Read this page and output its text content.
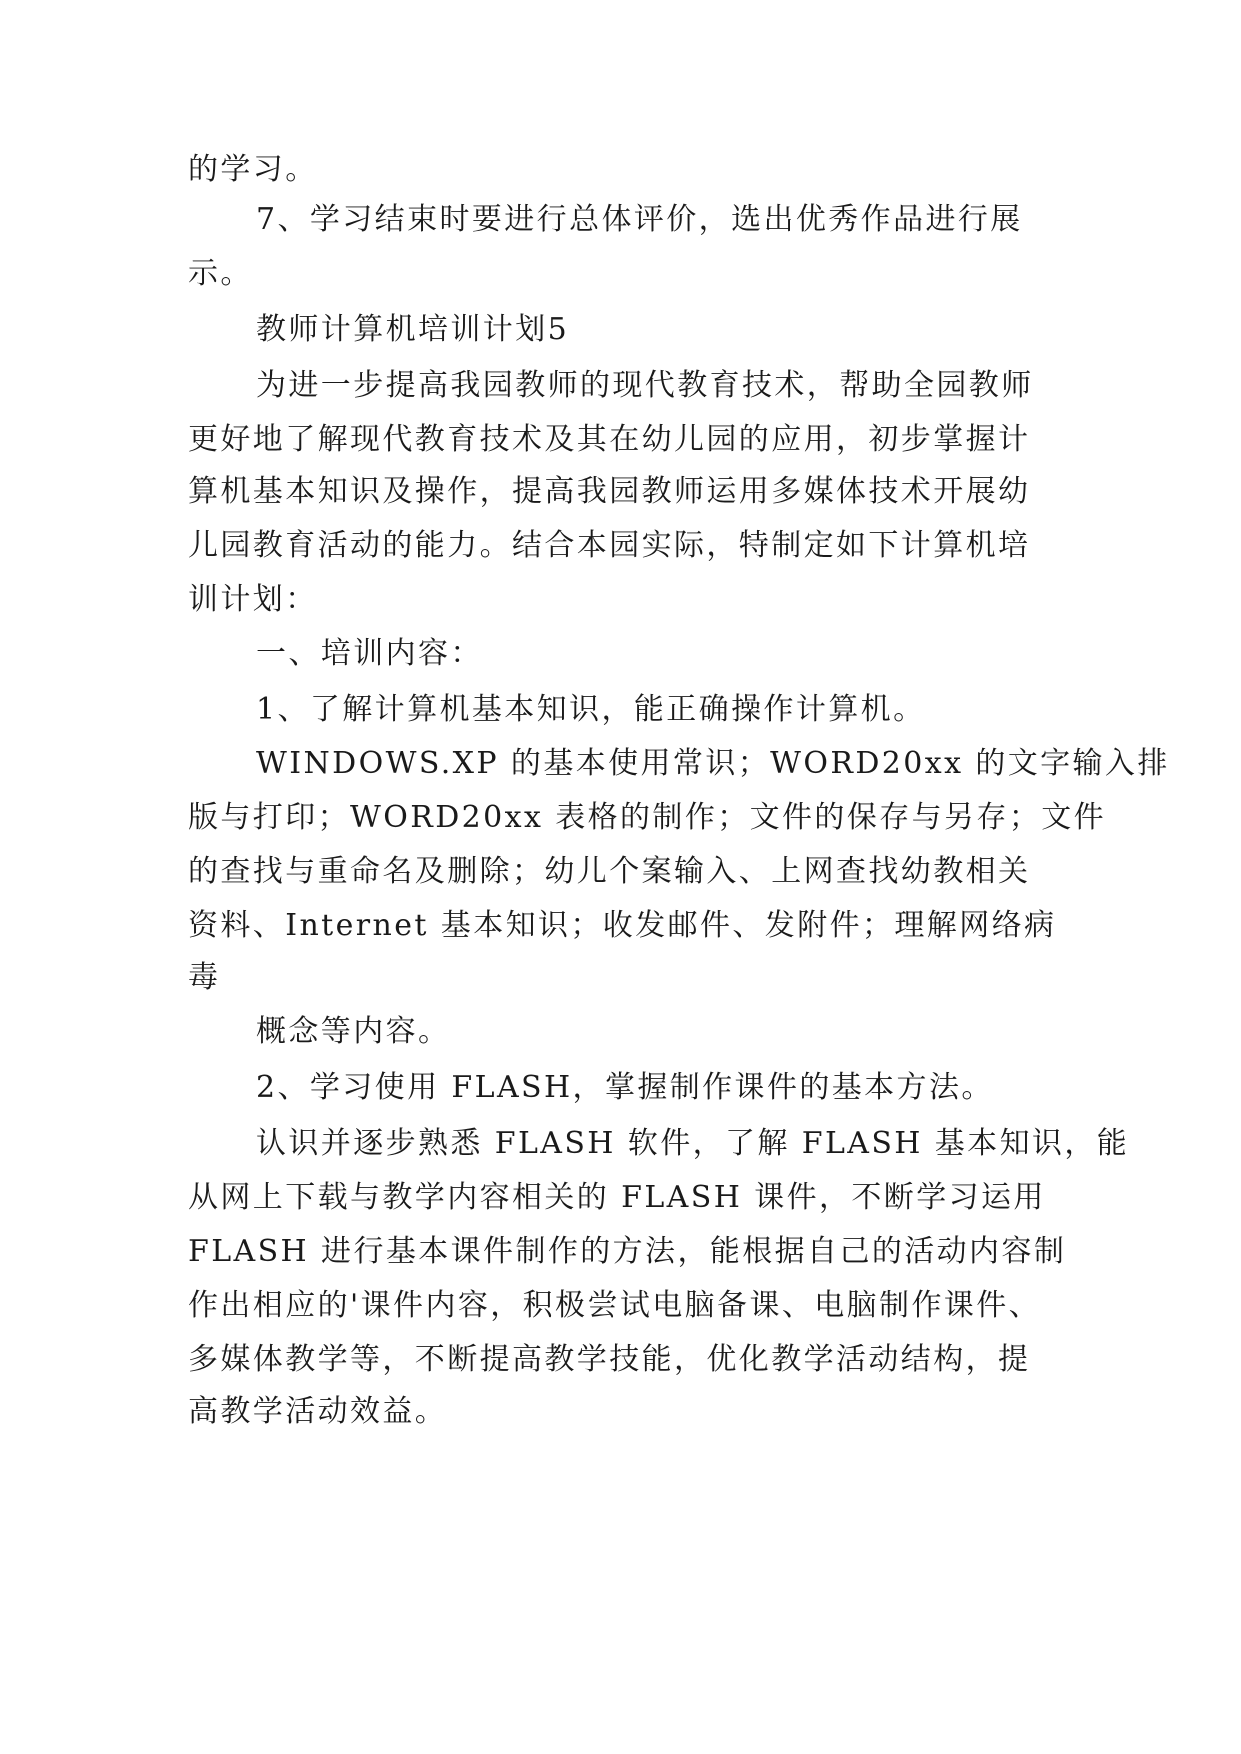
的学习。
7、学习结束时要进行总体评价，选出优秀作品进行展
示。
教师计算机培训计划5
为进一步提高我园教师的现代教育技术，帮助全园教师
更好地了解现代教育技术及其在幼儿园的应用，初步掌握计
算机基本知识及操作，提高我园教师运用多媒体技术开展幼
儿园教育活动的能力。结合本园实际，特制定如下计算机培
训计划：
一、培训内容：
1、了解计算机基本知识，能正确操作计算机。
WINDOWS.XP 的基本使用常识；WORD20xx 的文字输入排
版与打印；WORD20xx 表格的制作；文件的保存与另存；文件
的查找与重命名及删除；幼儿个案输入、上网查找幼教相关
资料、Internet 基本知识；收发邮件、发附件；理解网络病
毒
概念等内容。
2、学习使用 FLASH，掌握制作课件的基本方法。
认识并逐步熟悉 FLASH 软件，了解 FLASH 基本知识，能
从网上下载与教学内容相关的 FLASH 课件，不断学习运用
FLASH 进行基本课件制作的方法，能根据自己的活动内容制
作出相应的'课件内容，积极尝试电脑备课、电脑制作课件、
多媒体教学等，不断提高教学技能，优化教学活动结构，提
高教学活动效益。
